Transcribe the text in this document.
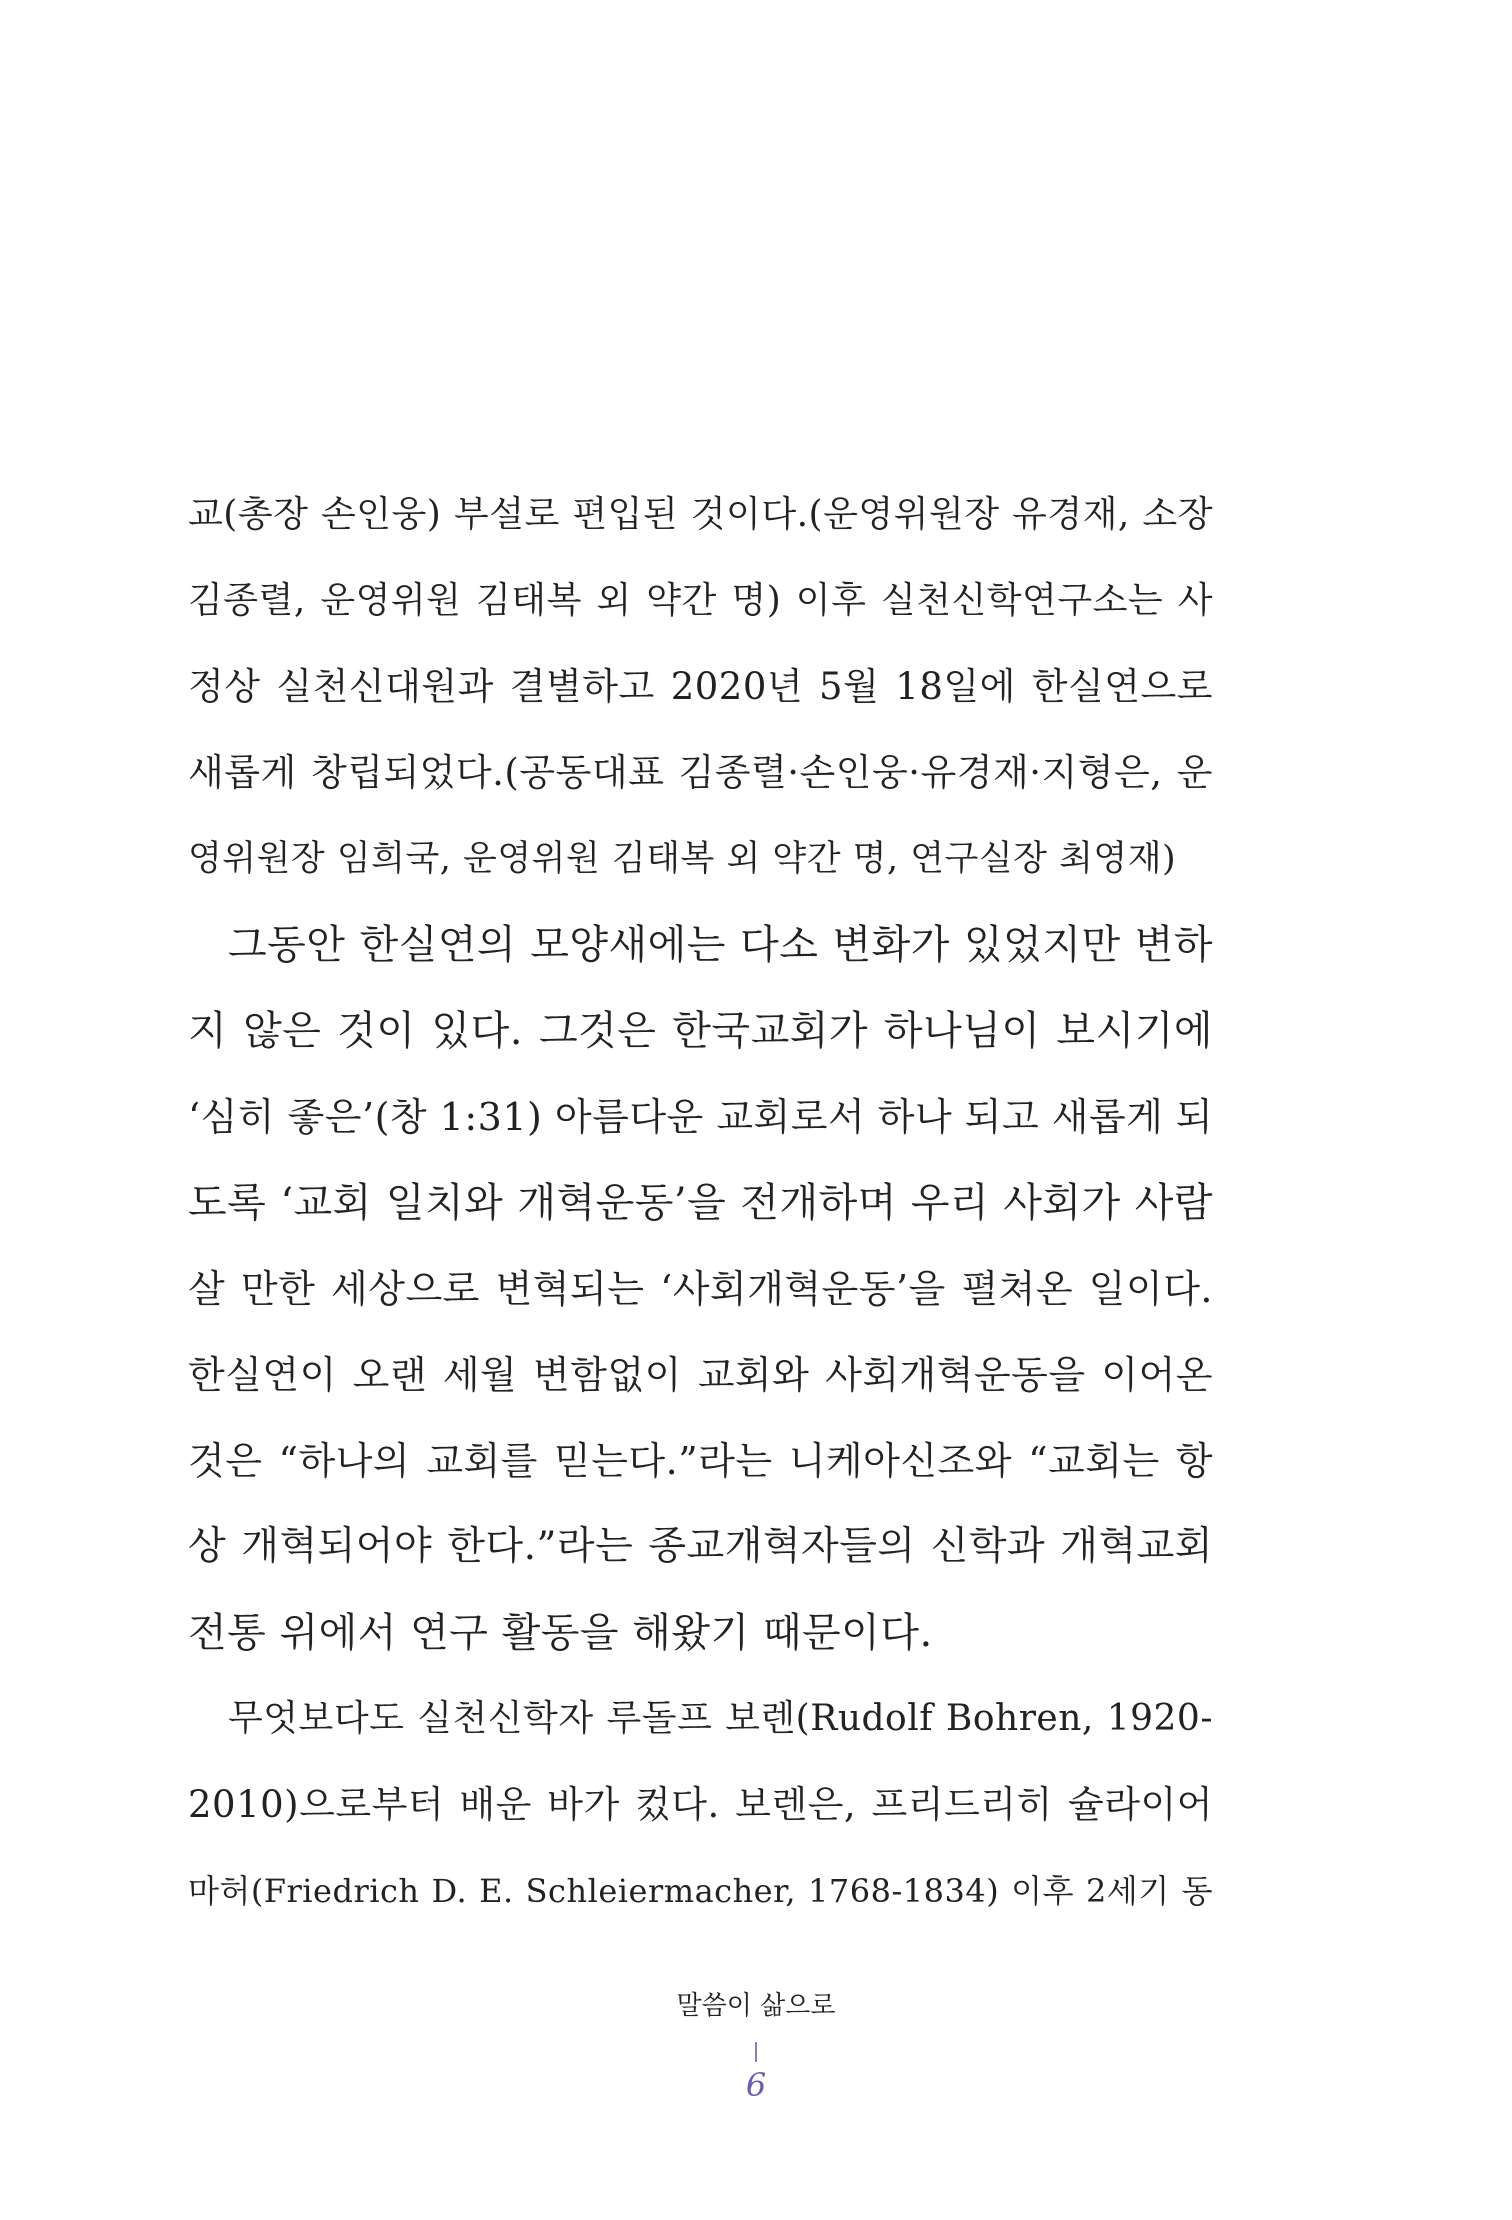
교(총장 손인웅) 부설로 편입된 것이다.(운영위원장 유경재, 소장
김종렬, 운영위원 김태복 외 약간 명) 이후 실천신학연구소는 사
정상 실천신대원과 결별하고 2020년 5월 18일에 한실연으로
새롭게 창립되었다.(공동대표 김종렬·손인웅·유경재·지형은, 운
영위원장 임희국, 운영위원 김태복 외 약간 명, 연구실장 최영재)
그동안 한실연의 모양새에는 다소 변화가 있었지만 변하
지 않은 것이 있다. 그것은 한국교회가 하나님이 보시기에
‘심히 좋은’(창 1:31) 아름다운 교회로서 하나 되고 새롭게 되
도록 ‘교회 일치와 개혁운동’을 전개하며 우리 사회가 사람
살 만한 세상으로 변혁되는 ‘사회개혁운동’을 펼쳐온 일이다.
한실연이 오랜 세월 변함없이 교회와 사회개혁운동을 이어온
것은 “하나의 교회를 믿는다.”라는 니케아신조와 “교회는 항
상 개혁되어야 한다.”라는 종교개혁자들의 신학과 개혁교회
전통 위에서 연구 활동을 해왔기 때문이다.
무엇보다도 실천신학자 루돌프 보렌(Rudolf Bohren, 1920-
2010)으로부터 배운 바가 컸다. 보렌은, 프리드리히 슐라이어
마허(Friedrich D. E. Schleiermacher, 1768-1834) 이후 2세기 동
말씀이 삶으로
6
